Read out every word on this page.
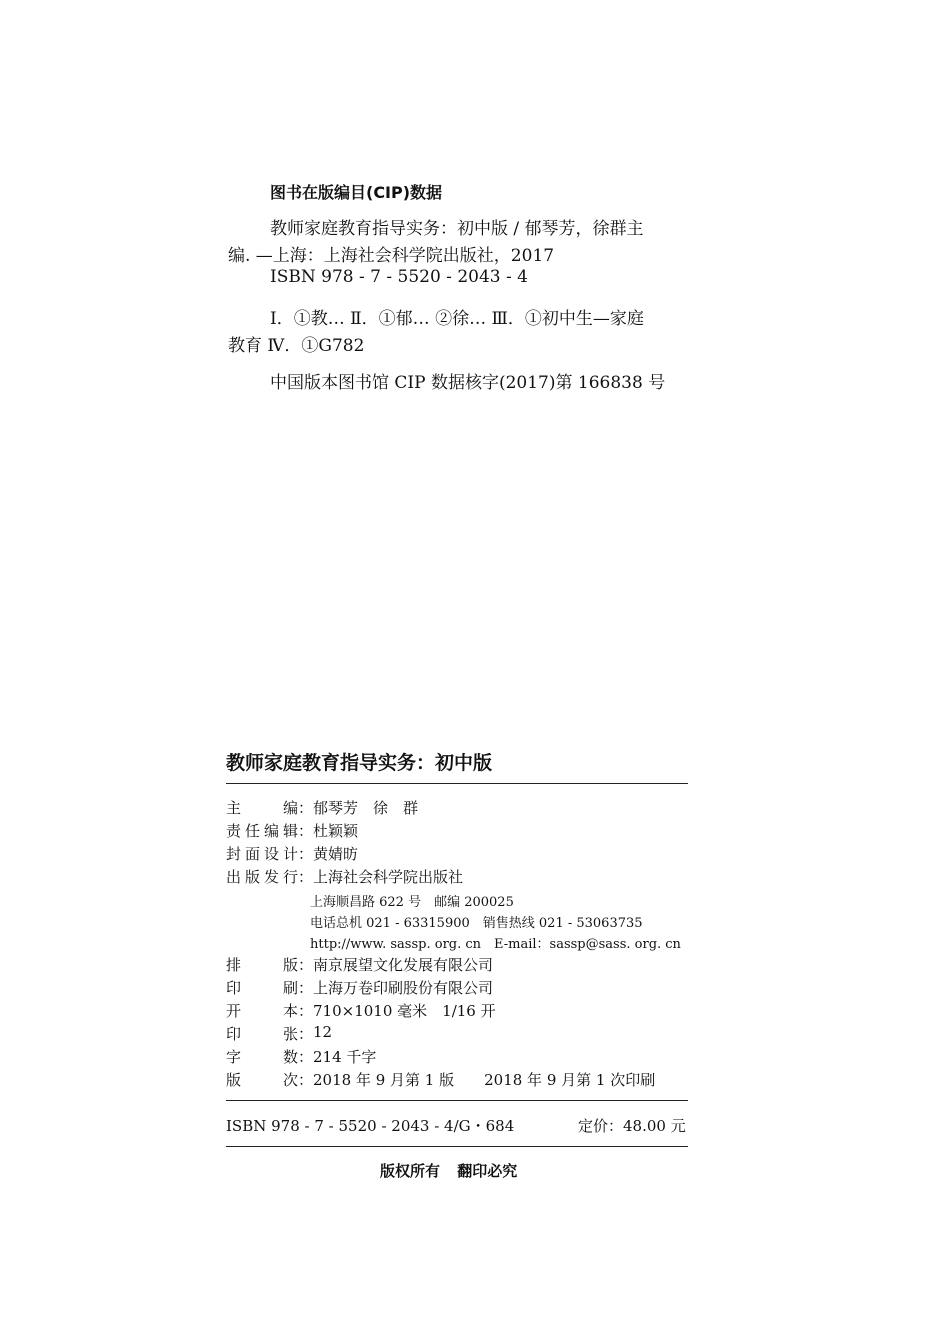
图书在版编目(CIP)数据
教师家庭教育指导实务：初中版 / 郁琴芳，徐群主
编. —上海：上海社会科学院出版社，2017
ISBN 978 - 7 - 5520 - 2043 - 4
Ⅰ．①教… Ⅱ．①郁… ②徐… Ⅲ．①初中生—家庭
教育 Ⅳ．①G782
中国版本图书馆 CIP 数据核字(2017)第 166838 号
教师家庭教育指导实务：初中版
主	编 ： 郁琴芳　徐　群
责 任 编 辑 ： 杜颖颖
封 面 设 计 ： 黄婧昉
出 版 发 行 ： 上海社会科学院出版社
上海顺昌路 622 号　邮编 200025
电话总机 021 - 63315900　销售热线 021 - 53063735
http://www. sassp. org. cn　E-mail：sassp@sass. org. cn
排	版 ： 南京展望文化发展有限公司
印	刷 ： 上海万卷印刷股份有限公司
开	本 ： 710×1010 毫米　1/16 开
印	张 ： 12
字	数 ： 214 千字
版	次 ： 2018 年 9 月第 1 版　　2018 年 9 月第 1 次印刷
ISBN 978 - 7 - 5520 - 2043 - 4/G・684	定价：48.00 元
版权所有 翻印必究
